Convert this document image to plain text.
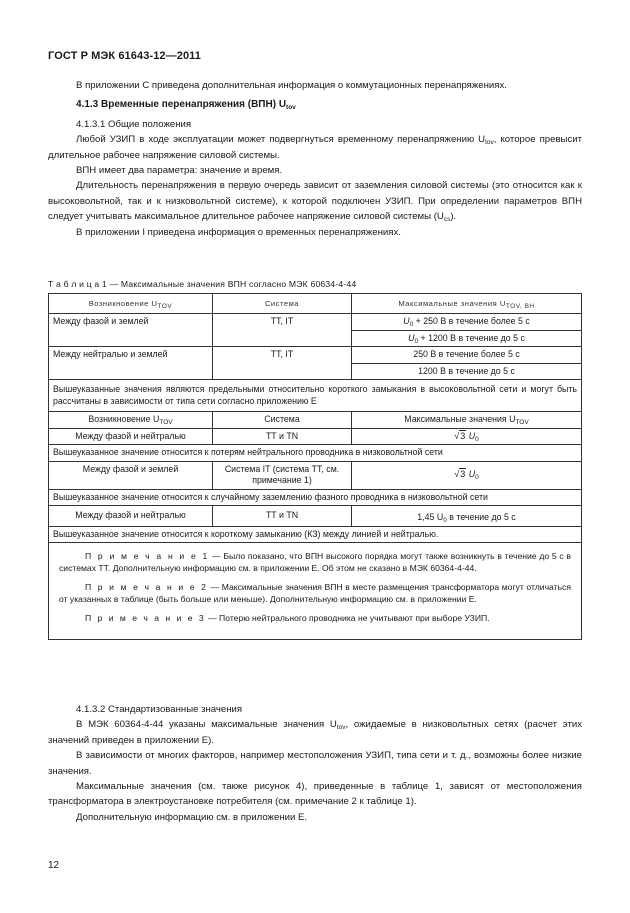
ГОСТ Р МЭК 61643-12—2011

В приложении С приведена дополнительная информация о коммутационных перенапряжениях.

4.1.3 Временные перенапряжения (ВПН) $U_{tov}$

4.1.3.1 Общие положения

Любой УЗИП в ходе эксплуатации может подвергнуться временному перенапряжению $U_{tov}$, которое превысит длительное рабочее напряжение силовой системы.

ВПН имеет два параметра: значение и время.

Длительность перенапряжения в первую очередь зависит от заземления силовой системы (это относится как к высоковольтной, так и к низковольтной системе), к которой подключен УЗИП. При определении параметров ВПН следует учитывать максимальное длительное рабочее напряжение силовой системы $(U_{cs})$.

В приложении I приведена информация о временных перенапряжениях.

Т а б л и ц а 1 — Максимальные значения ВПН согласно МЭК 60634-4-44
Возникновение $U_{TOV}$	Система	Максимальные значения $U_{TOV, ВН}$
Между фазой и землей	TT, IT	$U_0 + 250$ В в течение более 5 с
		$U_0 + 1200$ В в течение до 5 с
Между нейтралью и землей	TT, IT	250 В в течение более 5 с
		1200 В в течение до 5 с
Вышеуказанные значения являются предельными относительно короткого замыкания в высоковольтной сети и могут быть рассчитаны в зависимости от типа сети согласно приложению Е		
Возникновение $U_{TOV}$	Система	Максимальные значения $U_{TOV}$
Между фазой и нейтралью	TT и TN	√3 $U_0$
Вышеуказанное значение относится к потерям нейтрального проводника в низковольтной сети		
Между фазой и землей	Система IT (система TT, см. примечание 1)	√3 $U_0$
Вышеуказанное значение относится к случайному заземлению фазного проводника в низковольтной сети		
Между фазой и нейтралью	TT и TN	1,45 $U_0$ в течение до 5 с
Вышеуказанное значение относится к короткому замыканию (КЗ) между линией и нейтралью.		

П р и м е ч а н и е 1 — Было показано, что ВПН высокого порядка могут также возникнуть в течение до 5 с в системах TT. Дополнительную информацию см. в приложении Е. Об этом не сказано в МЭК 60364-4-44.

П р и м е ч а н и е 2 — Максимальные значения ВПН в месте размещения трансформатора могут отличаться от указанных в таблице (быть больше или меньше). Дополнительную информацию см. в приложении Е.

П р и м е ч а н и е 3 — Потерю нейтрального проводника не учитывают при выборе УЗИП.		

4.1.3.2 Стандартизованные значения

В МЭК 60364-4-44 указаны максимальные значения $U_{tov}$, ожидаемые в низковольтных сетях (расчет этих значений приведен в приложении Е).

В зависимости от многих факторов, например местоположения УЗИП, типа сети и т. д., возможны более низкие значения.

Максимальные значения (см. также рисунок 4), приведенные в таблице 1, зависят от местоположения трансформатора в электроустановке потребителя (см. примечание 2 к таблице 1).

Дополнительную информацию см. в приложении Е.

12
